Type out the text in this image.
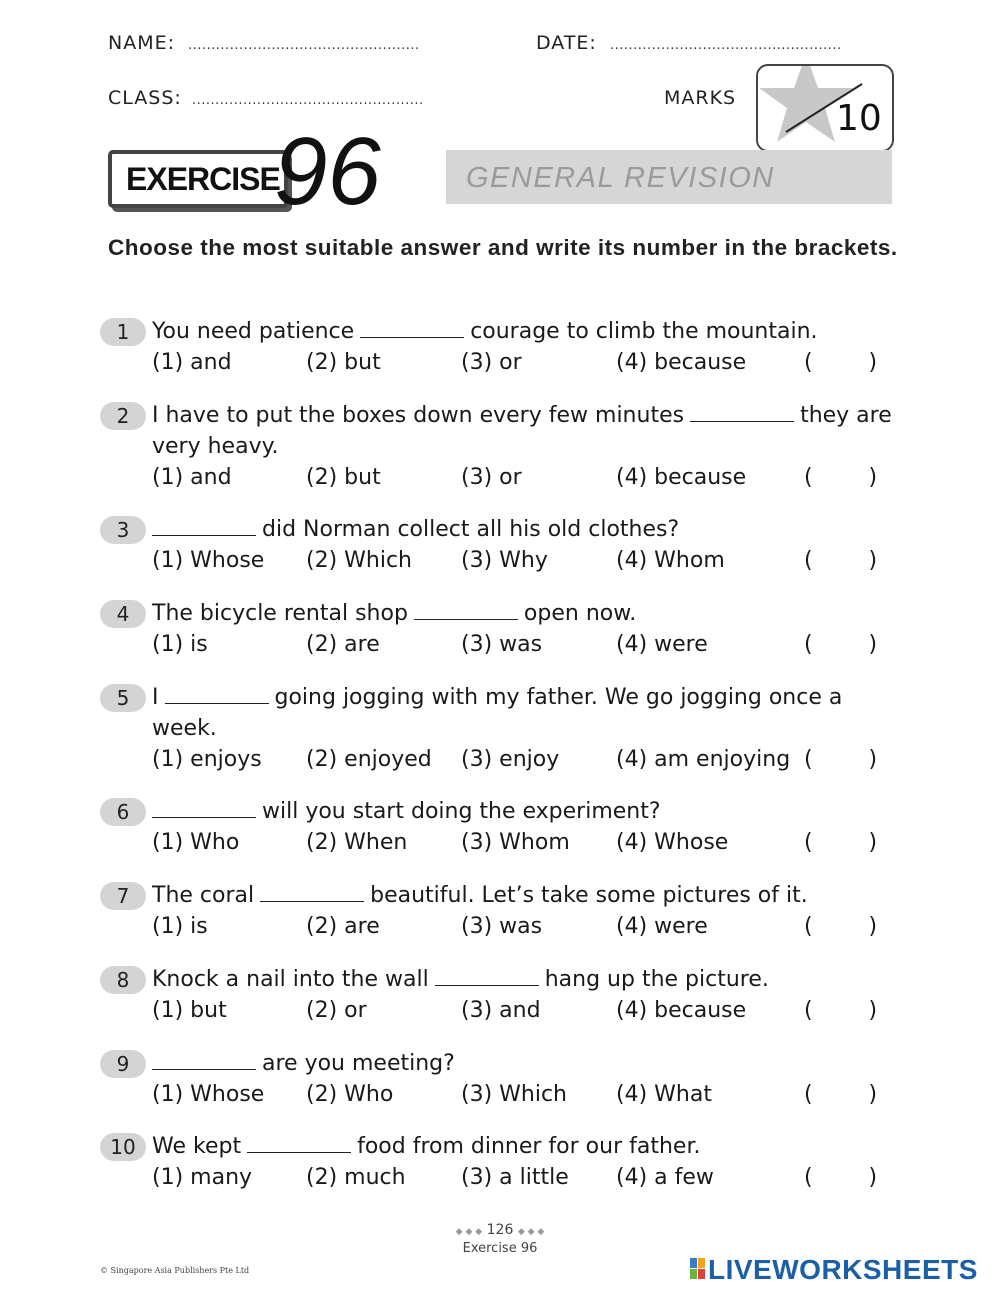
NAME: ..................................................	DATE: ..................................................
CLASS: ..................................................	MARKS	10
EXERCISE
96	GENERAL REVISION
Choose the most suitable answer and write its number in the brackets.
1	You need patience	courage to climb the mountain.
(1) and	(2) but	(3) or	(4) because	(        )
2	I have to put the boxes down every few minutes	they are very heavy.
(1) and	(2) but	(3) or	(4) because	(        )
3	did Norman collect all his old clothes?
(1) Whose (2) Which (3) Why	(4) Whom	(        )
4	The bicycle rental shop	open now.
(1) is	(2) are	(3) was	(4) were	(        )
5	I	going jogging with my father. We go jogging once a week.
(1) enjoys (2) enjoyed (3) enjoy	(4) am enjoying (        )
6	will you start doing the experiment?
(1) Who	(2) When (3) Whom (4) Whose	(        )
7	The coral	beautiful. Let’s take some pictures of it.
(1) is	(2) are	(3) was	(4) were	(        )
8	Knock a nail into the wall	hang up the picture.
(1) but	(2) or	(3) and	(4) because	(        )
9	are you meeting?
(1) Whose (2) Who	(3) Which (4) What	(        )
10 We kept	food from dinner for our father.
(1) many (2) much	(3) a little (4) a few	(        )
◆ ◆ ◆ 126 ◆ ◆ ◆
Exercise 96
© Singapore Asia Publishers Pte Ltd	LIVEWORKSHEETS
